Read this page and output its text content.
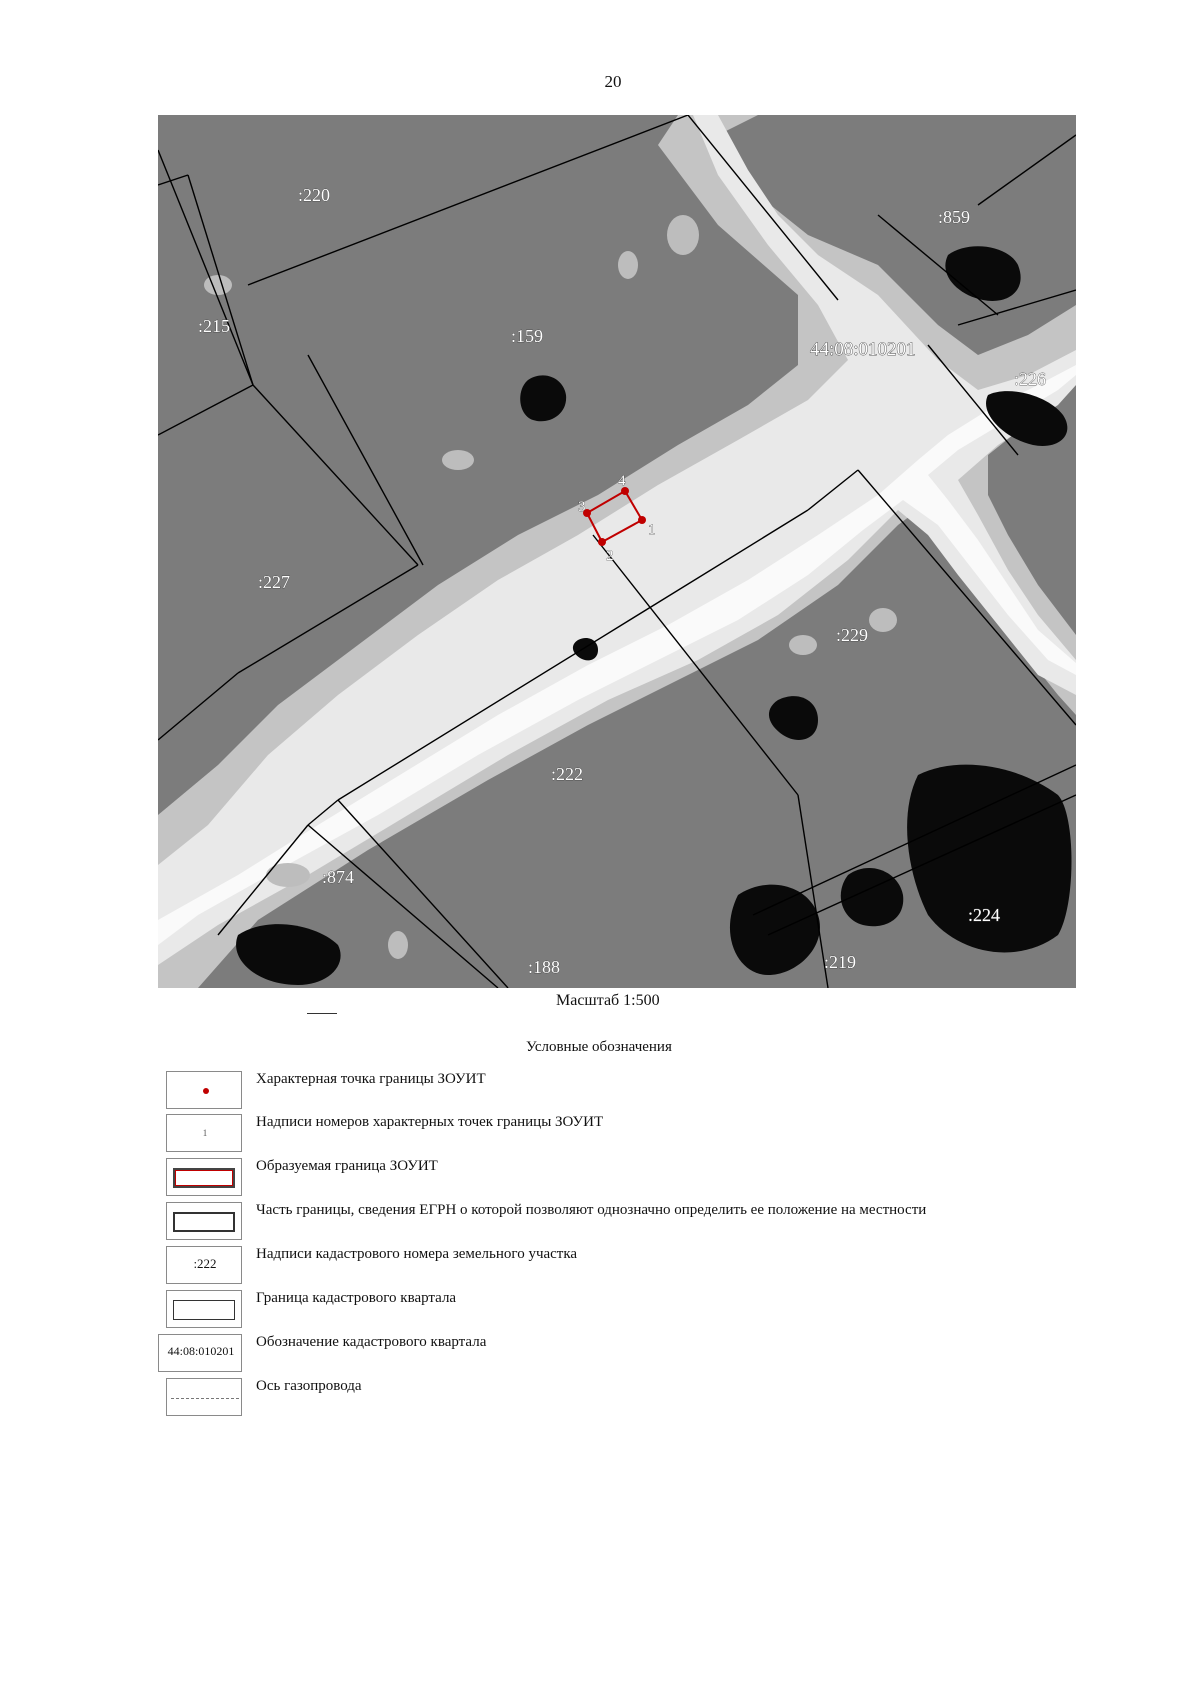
20
1
2
3
4
:220
:859
:215	:159
44:08:010201
:226
:227
:229
:222
:874
:224
:188	:219
Масштаб 1:500
Условные обозначения
Характерная точка границы ЗОУИТ
1
Надписи номеров характерных точек границы ЗОУИТ
Образуемая граница ЗОУИТ
Часть границы, сведения ЕГРН о которой позволяют однозначно определить ее положение на местности
:222
Надписи кадастрового номера земельного участка
Граница кадастрового квартала
44:08:010201
Обозначение кадастрового квартала
Ось газопровода
